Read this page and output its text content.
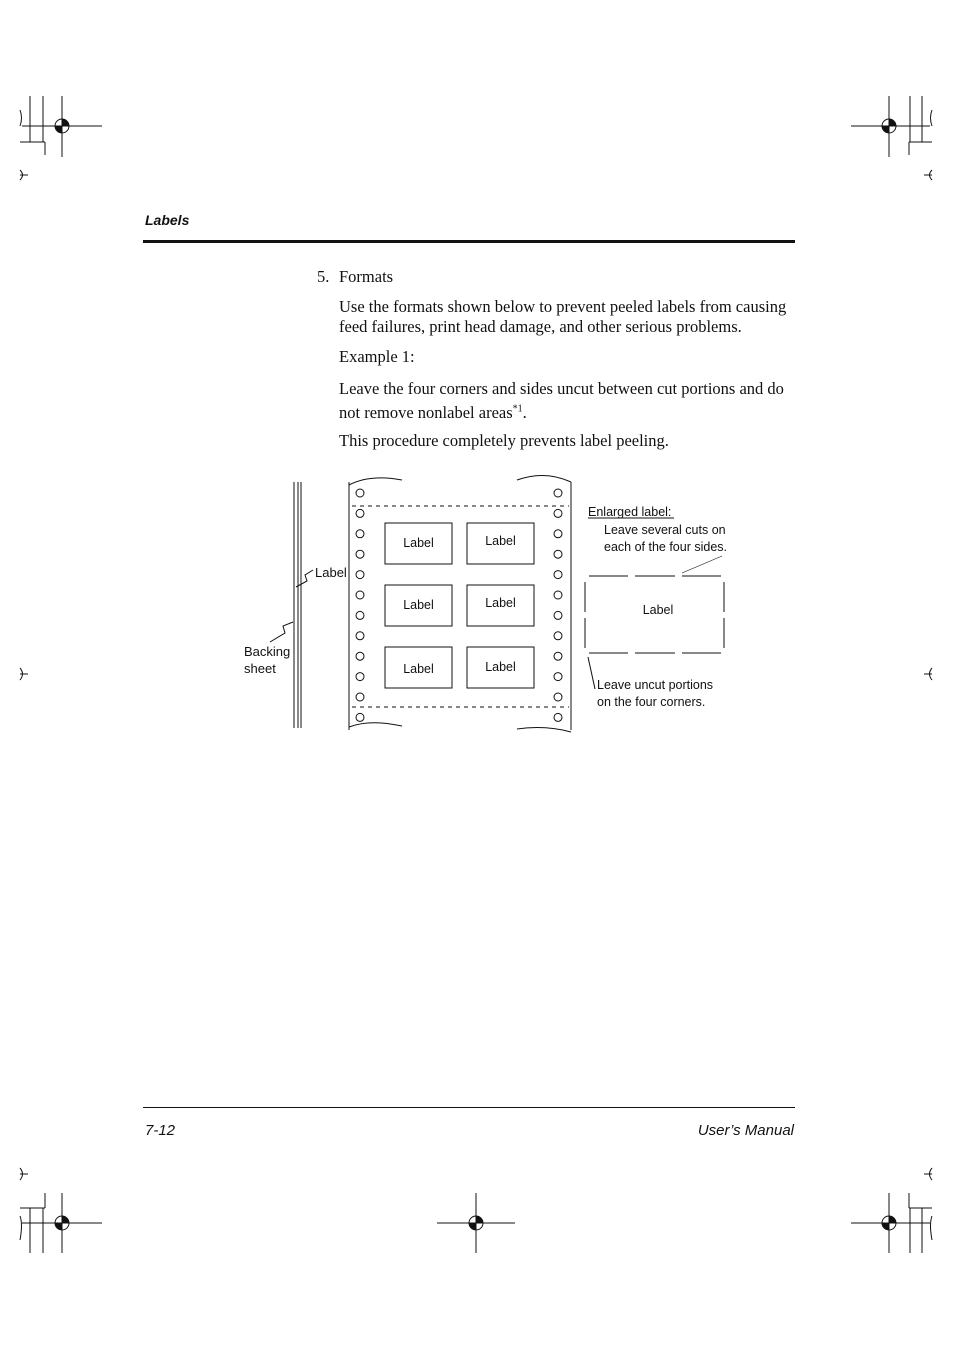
Labels
5. Formats
Use the formats shown below to prevent peeled labels from causing feed failures, print head damage, and other serious problems.
Example 1:
Leave the four corners and sides uncut between cut portions and do not remove nonlabel areas$^{*1}$.
This procedure completely prevents label peeling.
Label
Backing
sheet
Label	Label
Label	Label
Label	Label
Enlarged label:
Leave several cuts on
each of the four sides.
Label
Leave uncut portions
on the four corners.
7-12	User’s Manual
